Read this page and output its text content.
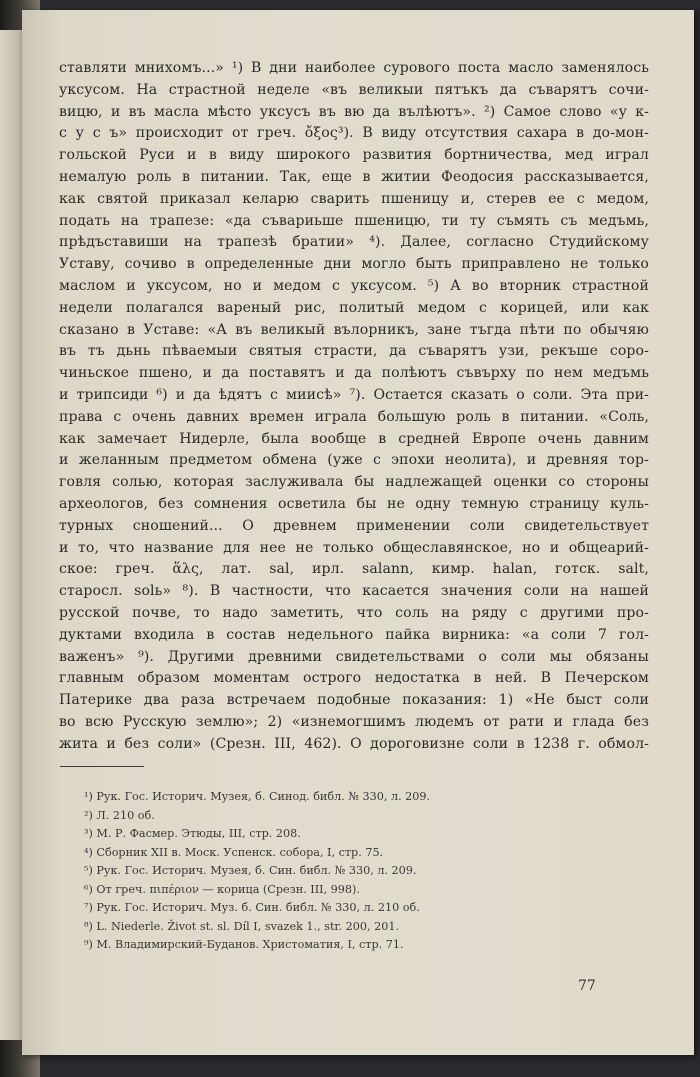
ставляти мнихомъ...» ¹) В дни наиболее сурового поста масло заменялось
уксусом. На страстной неделе «въ великыи пятъкъ да съварятъ сочи-
вицю, и въ масла мѣсто уксусъ въ вю да вълѣютъ». ²) Самое слово «у к-
с у с ъ» происходит от греч. ὄξος³). В виду отсутствия сахара в до-мон-
гольской Руси и в виду широкого развития бортничества, мед играл
немалую роль в питании. Так, еще в житии Феодосия рассказывается,
как святой приказал келарю сварить пшеницу и, стерев ее с медом,
подать на трапезе: «да съвариьше пшеницю, ти ту съмять съ медъмь,
прѣдъставиши на трапезѣ братии» ⁴). Далее, согласно Студийскому
Уставу, сочиво в определенные дни могло быть приправлено не только
маслом и уксусом, но и медом с уксусом. ⁵) А во вторник страстной
недели полагался вареный рис, политый медом с корицей, или как
сказано в Уставе: «А въ великый вълорникъ, зане тъгда пѣти по обычяю
въ тъ дьнь пѣваемыи святыя страсти, да съварятъ узи, рекъше соро-
чиньское пшено, и да поставятъ и да полѣютъ съвърху по нем медъмь
и трипсиди ⁶) и да ѣдятъ с миисѣ» ⁷). Остается сказать о соли. Эта при-
права с очень давних времен играла большую роль в питании. «Соль,
как замечает Нидерле, была вообще в средней Европе очень давним
и желанным предметом обмена (уже с эпохи неолита), и древняя тор-
говля солью, которая заслуживала бы надлежащей оценки со стороны
археологов, без сомнения осветила бы не одну темную страницу куль-
турных сношений... О древнем применении соли свидетельствует
и то, что название для нее не только общеславянское, но и общеарий-
ское: греч. ἅλς, лат. sal, ирл. salann, кимр. halan, готск. salt,
старосл. solь» ⁸). В частности, что касается значения соли на нашей
русской почве, то надо заметить, что соль на ряду с другими про-
дуктами входила в состав недельного пайка вирника: «а соли 7 гол-
важенъ» ⁹). Другими древними свидетельствами о соли мы обязаны
главным образом моментам острого недостатка в ней. В Печерском
Патерике два раза встречаем подобные показания: 1) «Не быст соли
во всю Русскую землю»; 2) «изнемогшимъ людемъ от рати и глада без
жита и без соли» (Срезн. III, 462). О дороговизне соли в 1238 г. обмол-
¹) Рук. Гос. Историч. Музея, б. Синод. библ. № 330, л. 209.
²) Л. 210 об.
³) М. Р. Фасмер. Этюды, III, стр. 208.
⁴) Сборник XII в. Моск. Успенск. собора, I, стр. 75.
⁵) Рук. Гос. Историч. Музея, б. Син. библ. № 330, л. 209.
⁶) От греч. πιπέριον — корица (Срезн. III, 998).
⁷) Рук. Гос. Историч. Муз. б. Син. библ. № 330, л. 210 об.
⁸) L. Niederle. Život st. sl. Díl I, svazek 1., str. 200, 201.
⁹) М. Владимирский-Буданов. Христоматия, I, стр. 71.
77
